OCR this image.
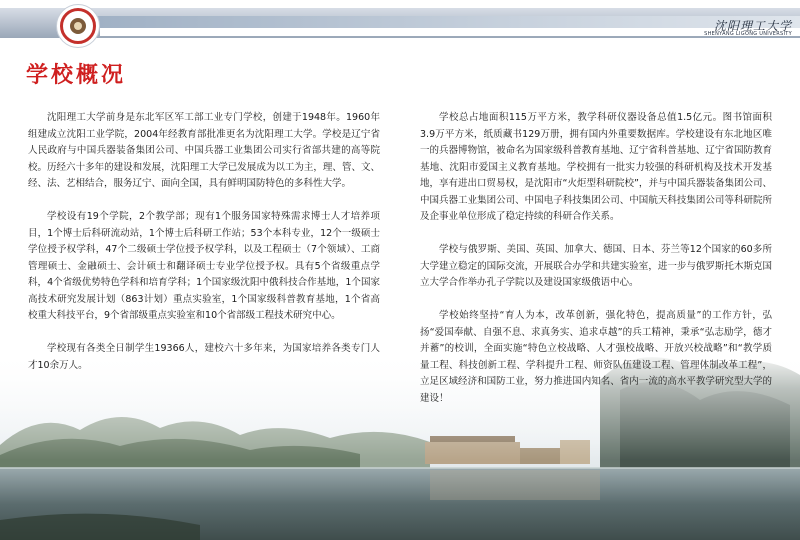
沈阳理工大学
SHENYANG LIGONG UNIVERSITY
学校概况

沈阳理工大学前身是东北军区军工部工业专门学校，创建于1948年。1960年组建成立沈阳工业学院，2004年经教育部批准更名为沈阳理工大学。学校是辽宁省人民政府与中国兵器装备集团公司、中国兵器工业集团公司实行省部共建的高等院校。历经六十多年的建设和发展，沈阳理工大学已发展成为以工为主，理、管、文、经、法、艺相结合，服务辽宁、面向全国，具有鲜明国防特色的多科性大学。

学校设有19个学院，2个教学部；现有1个服务国家特殊需求博士人才培养项目，1个博士后科研流动站，1个博士后科研工作站；53个本科专业，12个一级硕士学位授予权学科，47个二级硕士学位授予权学科，以及工程硕士（7个领域）、工商管理硕士、金融硕士、会计硕士和翻译硕士专业学位授予权。具有5个省级重点学科，4个省级优势特色学科和培育学科；1个国家级沈阳中俄科技合作基地，1个国家高技术研究发展计划（863计划）重点实验室，1个国家级科普教育基地，1个省高校重大科技平台，9个省部级重点实验室和10个省部级工程技术研究中心。

学校现有各类全日制学生19366人，建校六十多年来，为国家培养各类专门人才10余万人。

学校总占地面积115万平方米，教学科研仪器设备总值1.5亿元。图书馆面积3.9万平方米，纸质藏书129万册，拥有国内外重要数据库。学校建设有东北地区唯一的兵器博物馆，被命名为国家级科普教育基地、辽宁省科普基地、辽宁省国防教育基地、沈阳市爱国主义教育基地。学校拥有一批实力较强的科研机构及技术开发基地，享有进出口贸易权，是沈阳市“火炬型科研院校”，并与中国兵器装备集团公司、中国兵器工业集团公司、中国电子科技集团公司、中国航天科技集团公司等科研院所及企事业单位形成了稳定持续的科研合作关系。

学校与俄罗斯、美国、英国、加拿大、德国、日本、芬兰等12个国家的60多所大学建立稳定的国际交流，开展联合办学和共建实验室，进一步与俄罗斯托木斯克国立大学合作举办孔子学院以及建设国家级俄语中心。

学校始终坚持“育人为本，改革创新，强化特色，提高质量”的工作方针，弘扬“爱国奉献、自强不息、求真务实、追求卓越”的兵工精神，秉承“弘志励学，德才并蓄”的校训，全面实施“特色立校战略、人才强校战略、开放兴校战略”和“教学质量工程、科技创新工程、学科提升工程、师资队伍建设工程、管理体制改革工程”，立足区域经济和国防工业，努力推进国内知名、省内一流的高水平教学研究型大学的建设！
